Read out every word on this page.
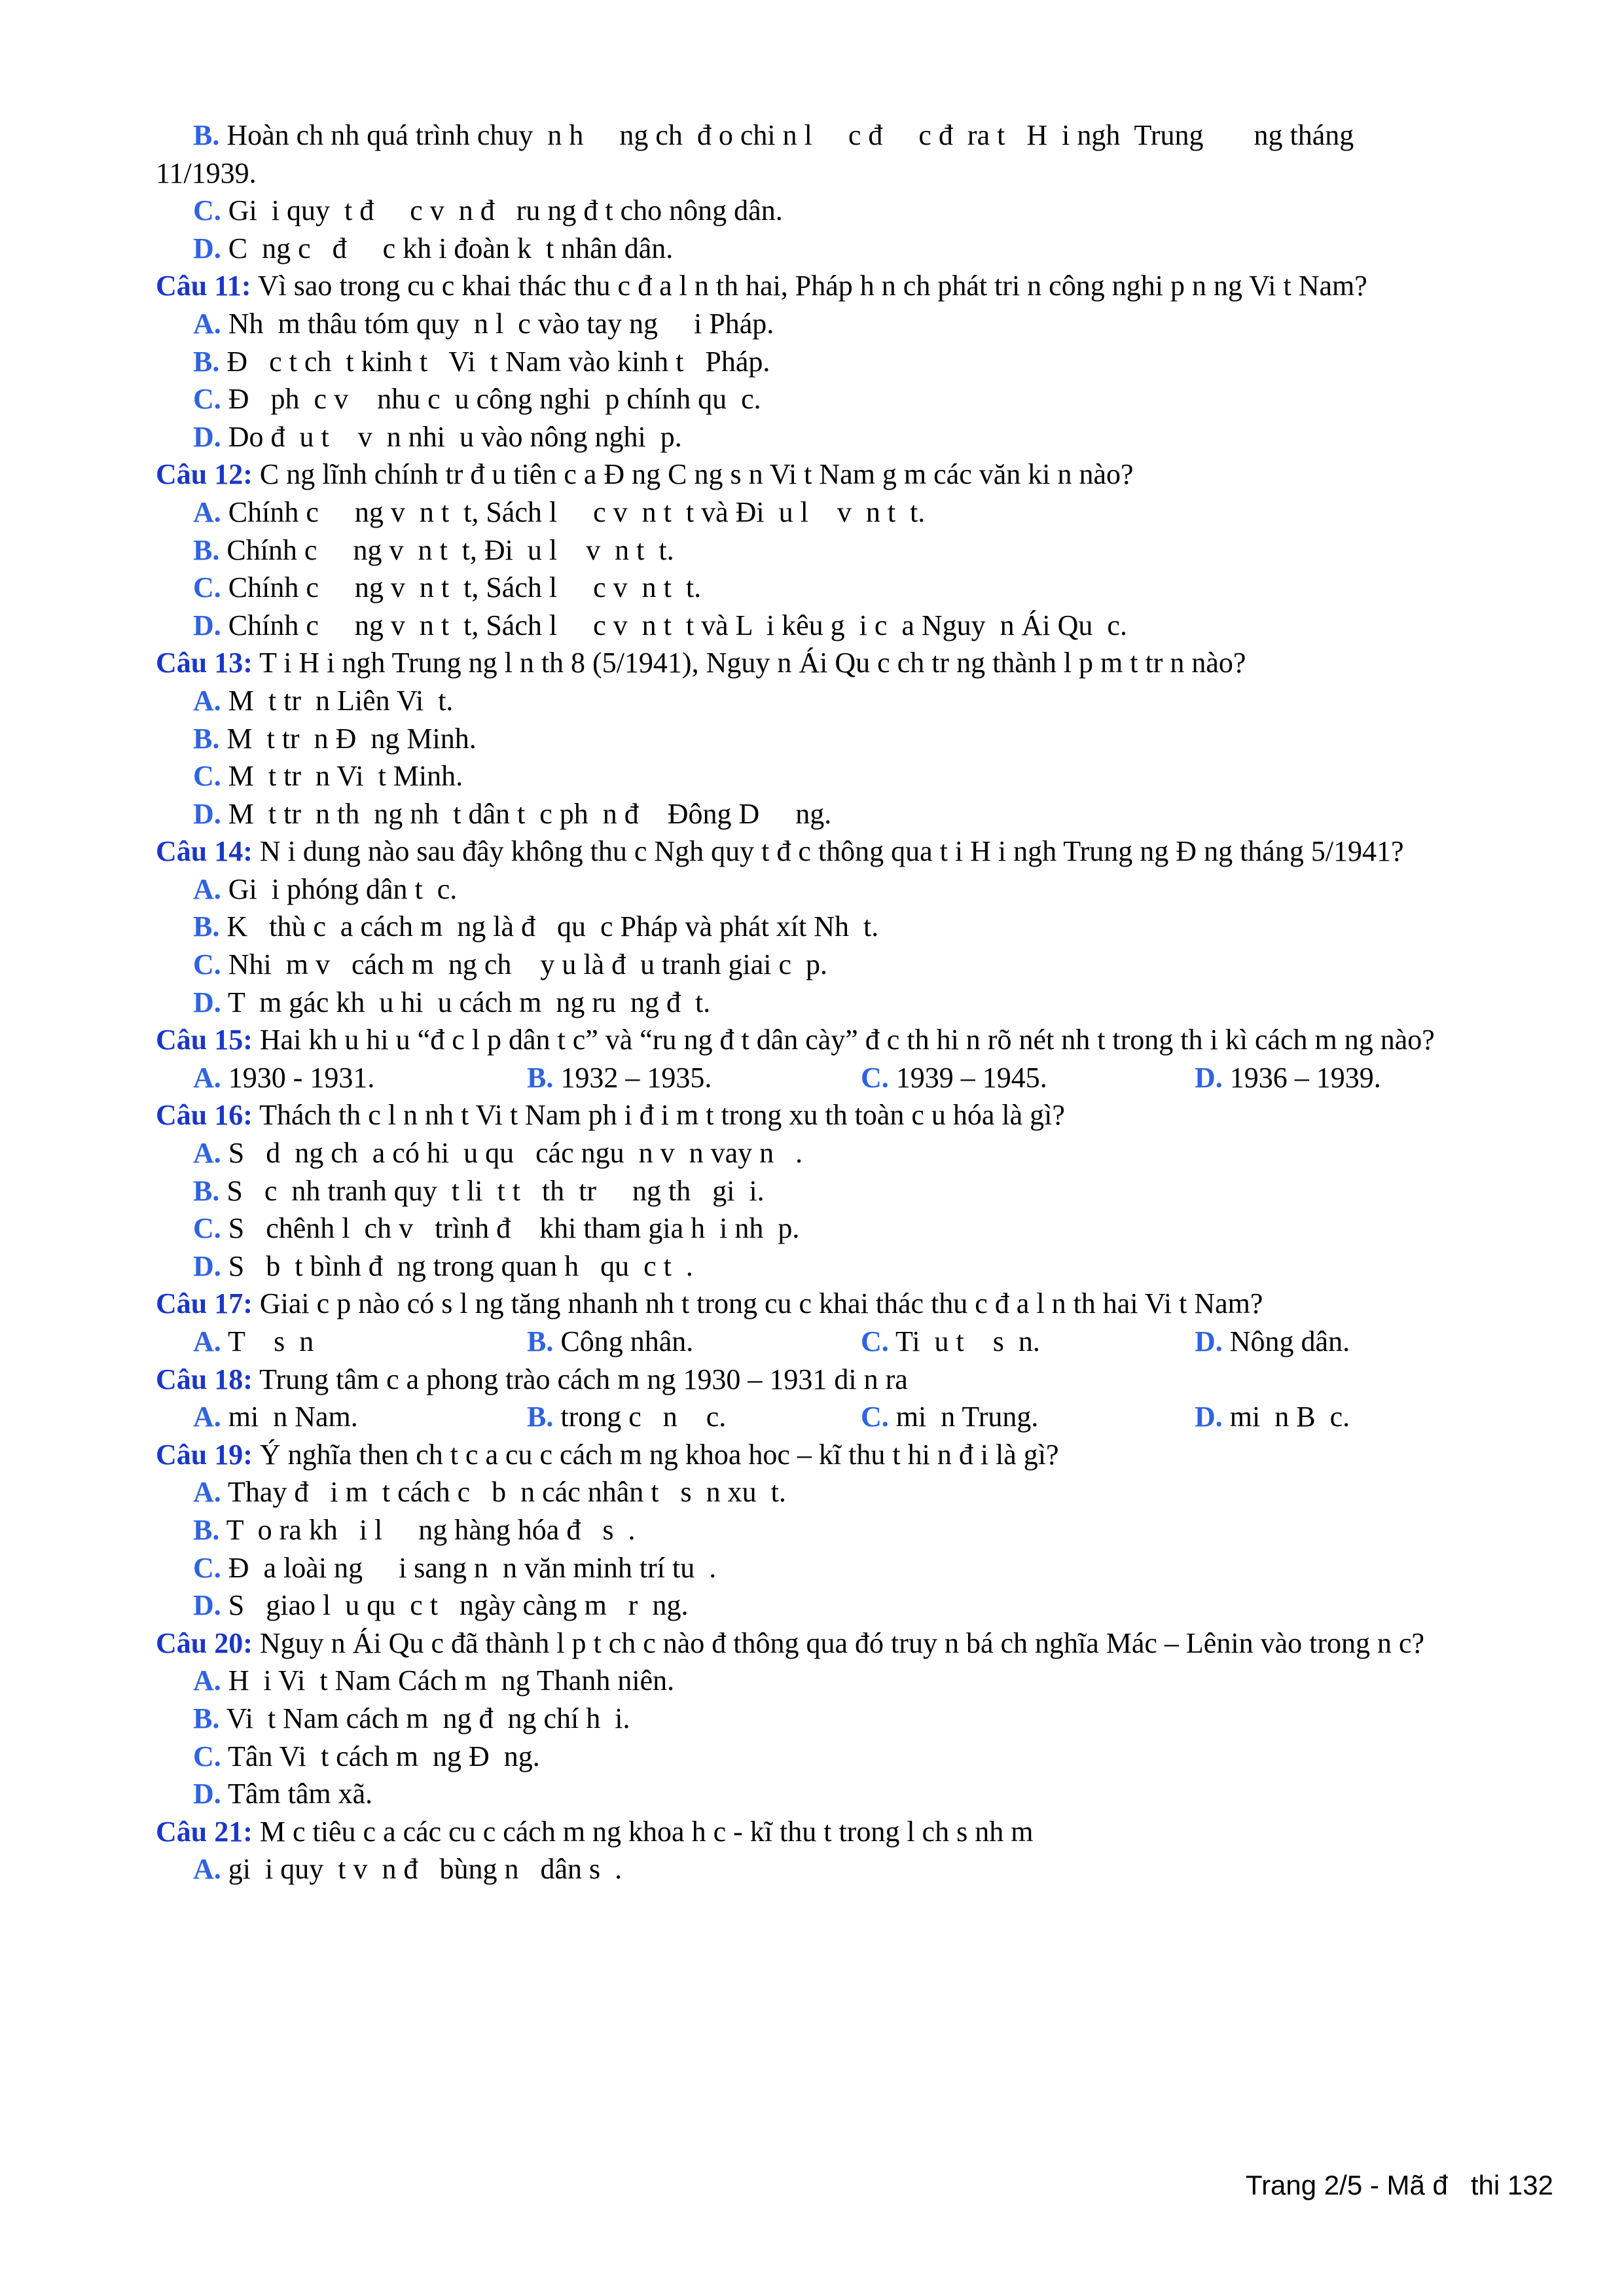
B. Hoàn ch nh quá trình chuy  n h     ng ch  đ o chi n l     c đ     c đ  ra t   H  i ngh  Trung       ng tháng
11/1939.
C. Gi  i quy  t đ     c v  n đ   ru ng đ t cho nông dân.
D. C  ng c   đ     c kh i đoàn k  t nhân dân.
Câu 11: Vì sao trong cu c khai thác thu c đ a l n th hai, Pháp h n ch phát tri n công nghi p n ng Vi t Nam?
A. Nh  m thâu tóm quy  n l  c vào tay ng     i Pháp.
B. Đ   c t ch  t kinh t   Vi  t Nam vào kinh t   Pháp.
C. Đ   ph  c v    nhu c  u công nghi  p chính qu  c.
D. Do đ  u t    v  n nhi  u vào nông nghi  p.
Câu 12: C ng lĩnh chính tr đ u tiên c a Đ ng C ng s n Vi t Nam g m các văn ki n nào?
A. Chính c     ng v  n t  t, Sách l     c v  n t  t và Đi  u l    v  n t  t.
B. Chính c     ng v  n t  t, Đi  u l    v  n t  t.
C. Chính c     ng v  n t  t, Sách l     c v  n t  t.
D. Chính c     ng v  n t  t, Sách l     c v  n t  t và L  i kêu g  i c  a Nguy  n Ái Qu  c.
Câu 13: T i H i ngh Trung ng l n th 8 (5/1941), Nguy n Ái Qu c ch tr ng thành l p m t tr n nào?
A. M  t tr  n Liên Vi  t.
B. M  t tr  n Đ  ng Minh.
C. M  t tr  n Vi  t Minh.
D. M  t tr  n th  ng nh  t dân t  c ph  n đ    Đông D     ng.
Câu 14: N i dung nào sau đây không thu c Ngh quy t đ c thông qua t i H i ngh Trung ng Đ ng tháng 5/1941?
A. Gi  i phóng dân t  c.
B. K   thù c  a cách m  ng là đ   qu  c Pháp và phát xít Nh  t.
C. Nhi  m v   cách m  ng ch    y u là đ  u tranh giai c  p.
D. T  m gác kh  u hi  u cách m  ng ru  ng đ  t.
Câu 15: Hai kh u hi u “đ c l p dân t c” và “ru ng đ t dân cày” đ c th hi n rõ nét nh t trong th i kì cách m ng nào?
A. 1930 - 1931.	B. 1932 – 1935.	C. 1939 – 1945.	D. 1936 – 1939.
Câu 16: Thách th c l n nh t Vi t Nam ph i đ i m t trong xu th toàn c u hóa là gì?
A. S   d  ng ch  a có hi  u qu   các ngu  n v  n vay n   .
B. S   c  nh tranh quy  t li  t t   th  tr     ng th   gi  i.
C. S   chênh l  ch v   trình đ    khi tham gia h  i nh  p.
D. S   b  t bình đ  ng trong quan h   qu  c t  .
Câu 17: Giai c p nào có s l ng tăng nhanh nh t trong cu c khai thác thu c đ a l n th hai Vi t Nam?
A. T    s  n	B. Công nhân.	C. Ti  u t    s  n.	D. Nông dân.
Câu 18: Trung tâm c a phong trào cách m ng 1930 – 1931 di n ra
A. mi  n Nam.	B. trong c   n    c.	C. mi  n Trung.	D. mi  n B  c.
Câu 19: Ý nghĩa then ch t c a cu c cách m ng khoa hoc – kĩ thu t hi n đ i là gì?
A. Thay đ   i m  t cách c   b  n các nhân t   s  n xu  t.
B. T  o ra kh   i l     ng hàng hóa đ   s  .
C. Đ  a loài ng     i sang n  n văn minh trí tu  .
D. S   giao l  u qu  c t   ngày càng m   r  ng.
Câu 20: Nguy n Ái Qu c đã thành l p t ch c nào đ thông qua đó truy n bá ch nghĩa Mác – Lênin vào trong n c?
A. H  i Vi  t Nam Cách m  ng Thanh niên.
B. Vi  t Nam cách m  ng đ  ng chí h  i.
C. Tân Vi  t cách m  ng Đ  ng.
D. Tâm tâm xã.
Câu 21: M c tiêu c a các cu c cách m ng khoa h c - kĩ thu t trong l ch s nh m
A. gi  i quy  t v  n đ   bùng n   dân s  .
Trang 2/5 - Mã đ   thi 132
